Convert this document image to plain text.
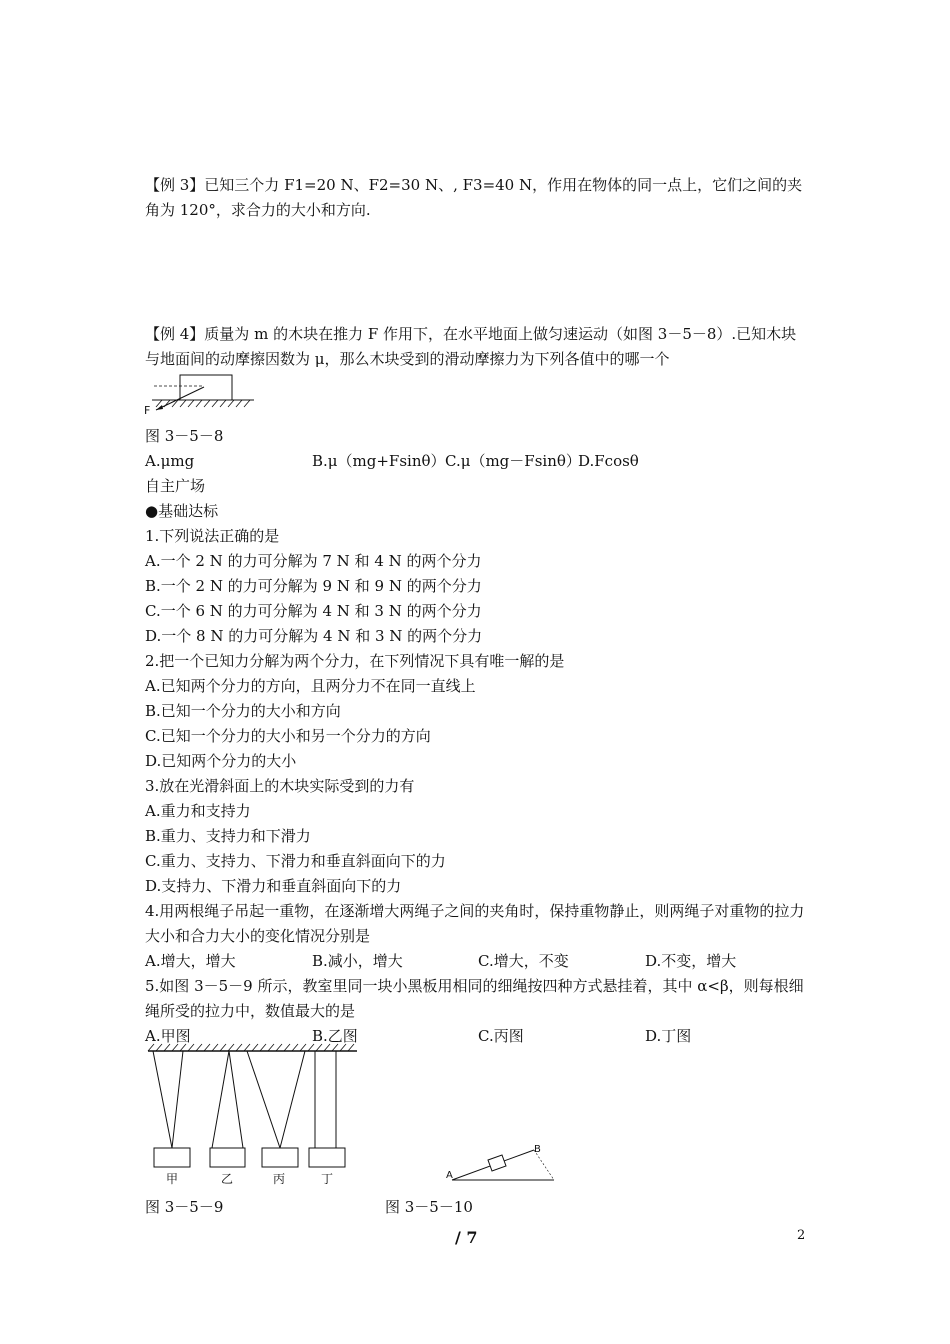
【例 3】已知三个力 F1=20 N、F2=30 N、, F3=40 N，作用在物体的同一点上，它们之间的夹角为 120°，求合力的大小和方向.
【例 4】质量为 m 的木块在推力 F 作用下，在水平地面上做匀速运动（如图 3－5－8）.已知木块与地面间的动摩擦因数为 μ，那么木块受到的滑动摩擦力为下列各值中的哪一个
F
图 3－5－8
A.μmg	B.μ（mg+Fsinθ） C.μ（mg－Fsinθ）
D.Fcosθ
自主广场
●基础达标
1.下列说法正确的是
A.一个 2 N 的力可分解为 7 N 和 4 N 的两个分力
B.一个 2 N 的力可分解为 9 N 和 9 N 的两个分力
C.一个 6 N 的力可分解为 4 N 和 3 N 的两个分力
D.一个 8 N 的力可分解为 4 N 和 3 N 的两个分力
2.把一个已知力分解为两个分力，在下列情况下具有唯一解的是
A.已知两个分力的方向，且两分力不在同一直线上
B.已知一个分力的大小和方向
C.已知一个分力的大小和另一个分力的方向
D.已知两个分力的大小
3.放在光滑斜面上的木块实际受到的力有
A.重力和支持力
B.重力、支持力和下滑力
C.重力、支持力、下滑力和垂直斜面向下的力
D.支持力、下滑力和垂直斜面向下的力
4.用两根绳子吊起一重物，在逐渐增大两绳子之间的夹角时，保持重物静止，则两绳子对重物的拉力大小和合力大小的变化情况分别是
A.增大，增大	B.减小，增大	C.增大，不变	D.不变，增大
5.如图 3－5－9 所示，教室里同一块小黑板用相同的细绳按四种方式悬挂着，其中 α<β，则每根细绳所受的拉力中，数值最大的是
A.甲图	B.乙图	C.丙图	D.丁图
甲	乙	丙	丁	A
B
图 3－5－9	图 3－5－10
/ 7	2
